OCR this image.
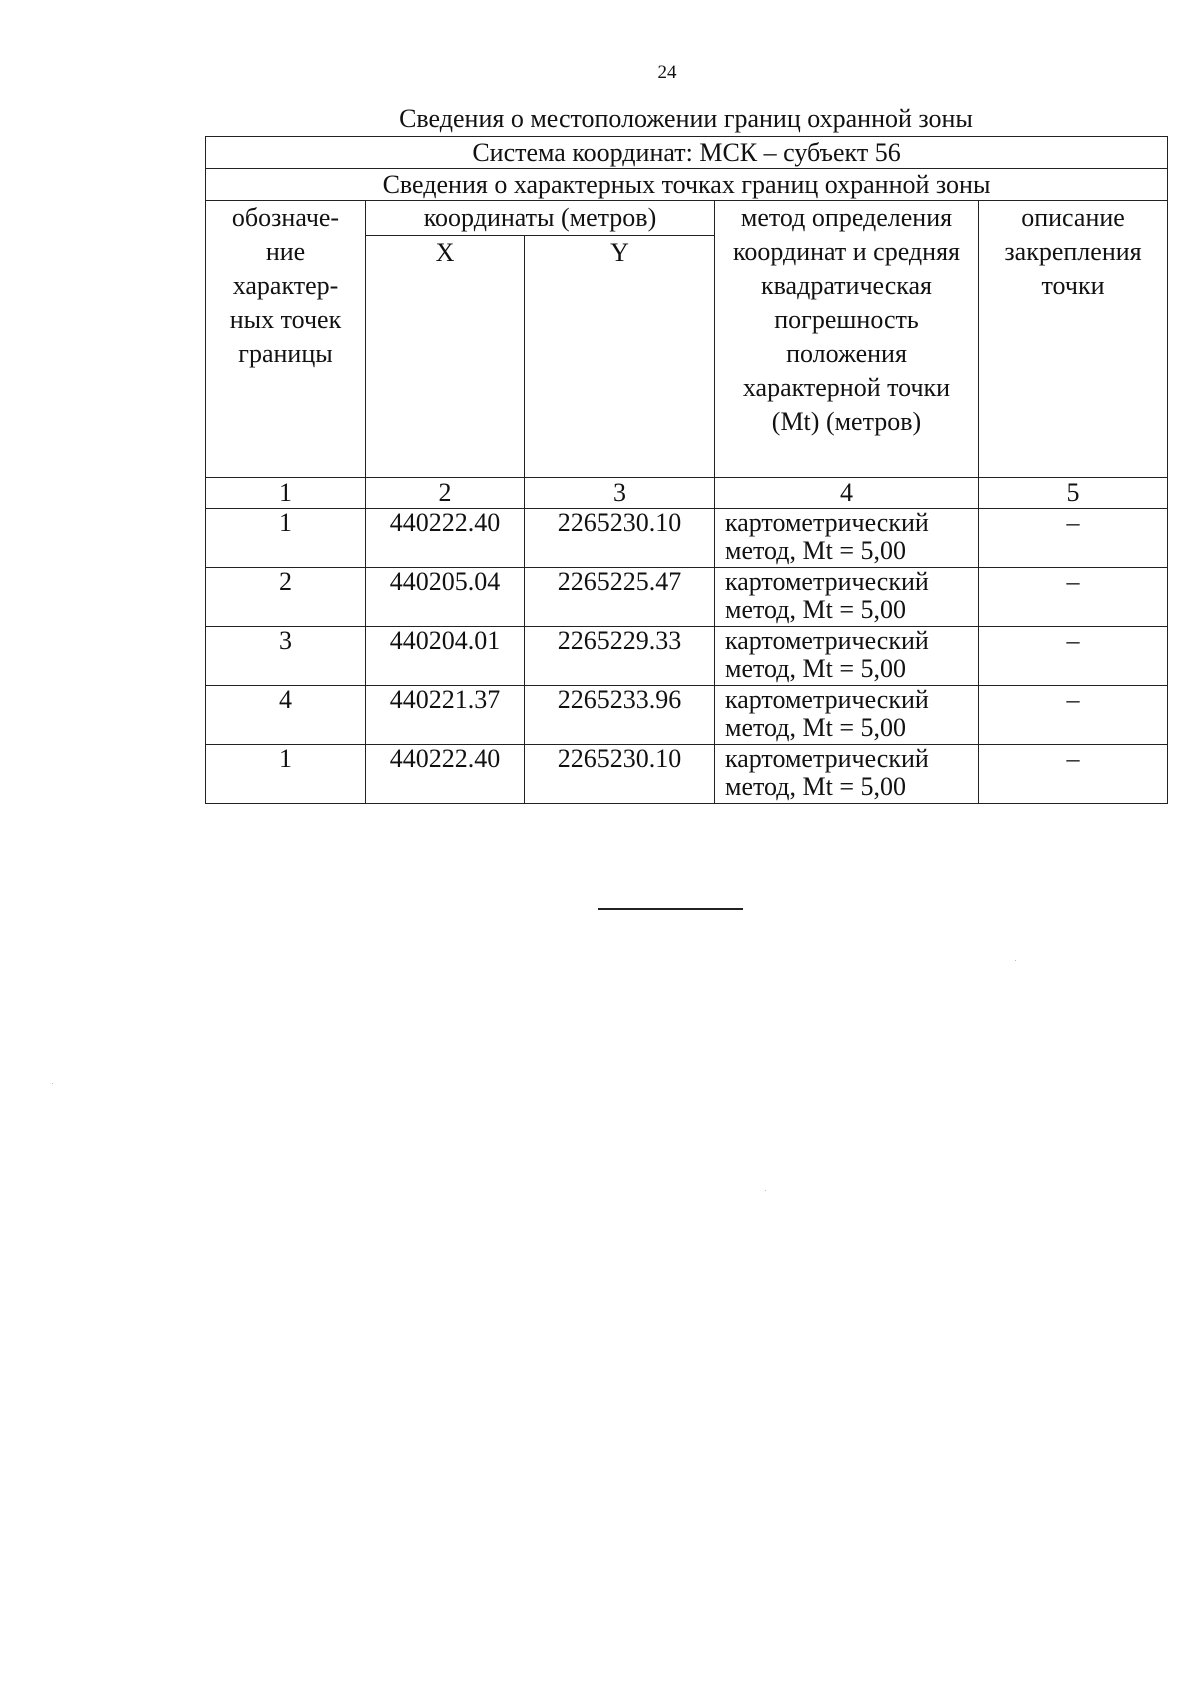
24
Сведения о местоположении границ охранной зоны
Система координат: МСК – субъект 56				
Сведения о характерных точках границ охранной зоны				
обозначе- ние характер- ных точек границы	координаты (метров)		метод определения координат и средняя квадратическая погрешность положения характерной точки (Mt) (метров)	описание закрепления точки
	X	Y		
1	2	3	4	5
1	440222.40	2265230.10	картометрический метод, Mt = 5,00	–
2	440205.04	2265225.47	картометрический метод, Mt = 5,00	–
3	440204.01	2265229.33	картометрический метод, Mt = 5,00	–
4	440221.37	2265233.96	картометрический метод, Mt = 5,00	–
1	440222.40	2265230.10	картометрический метод, Mt = 5,00	–
